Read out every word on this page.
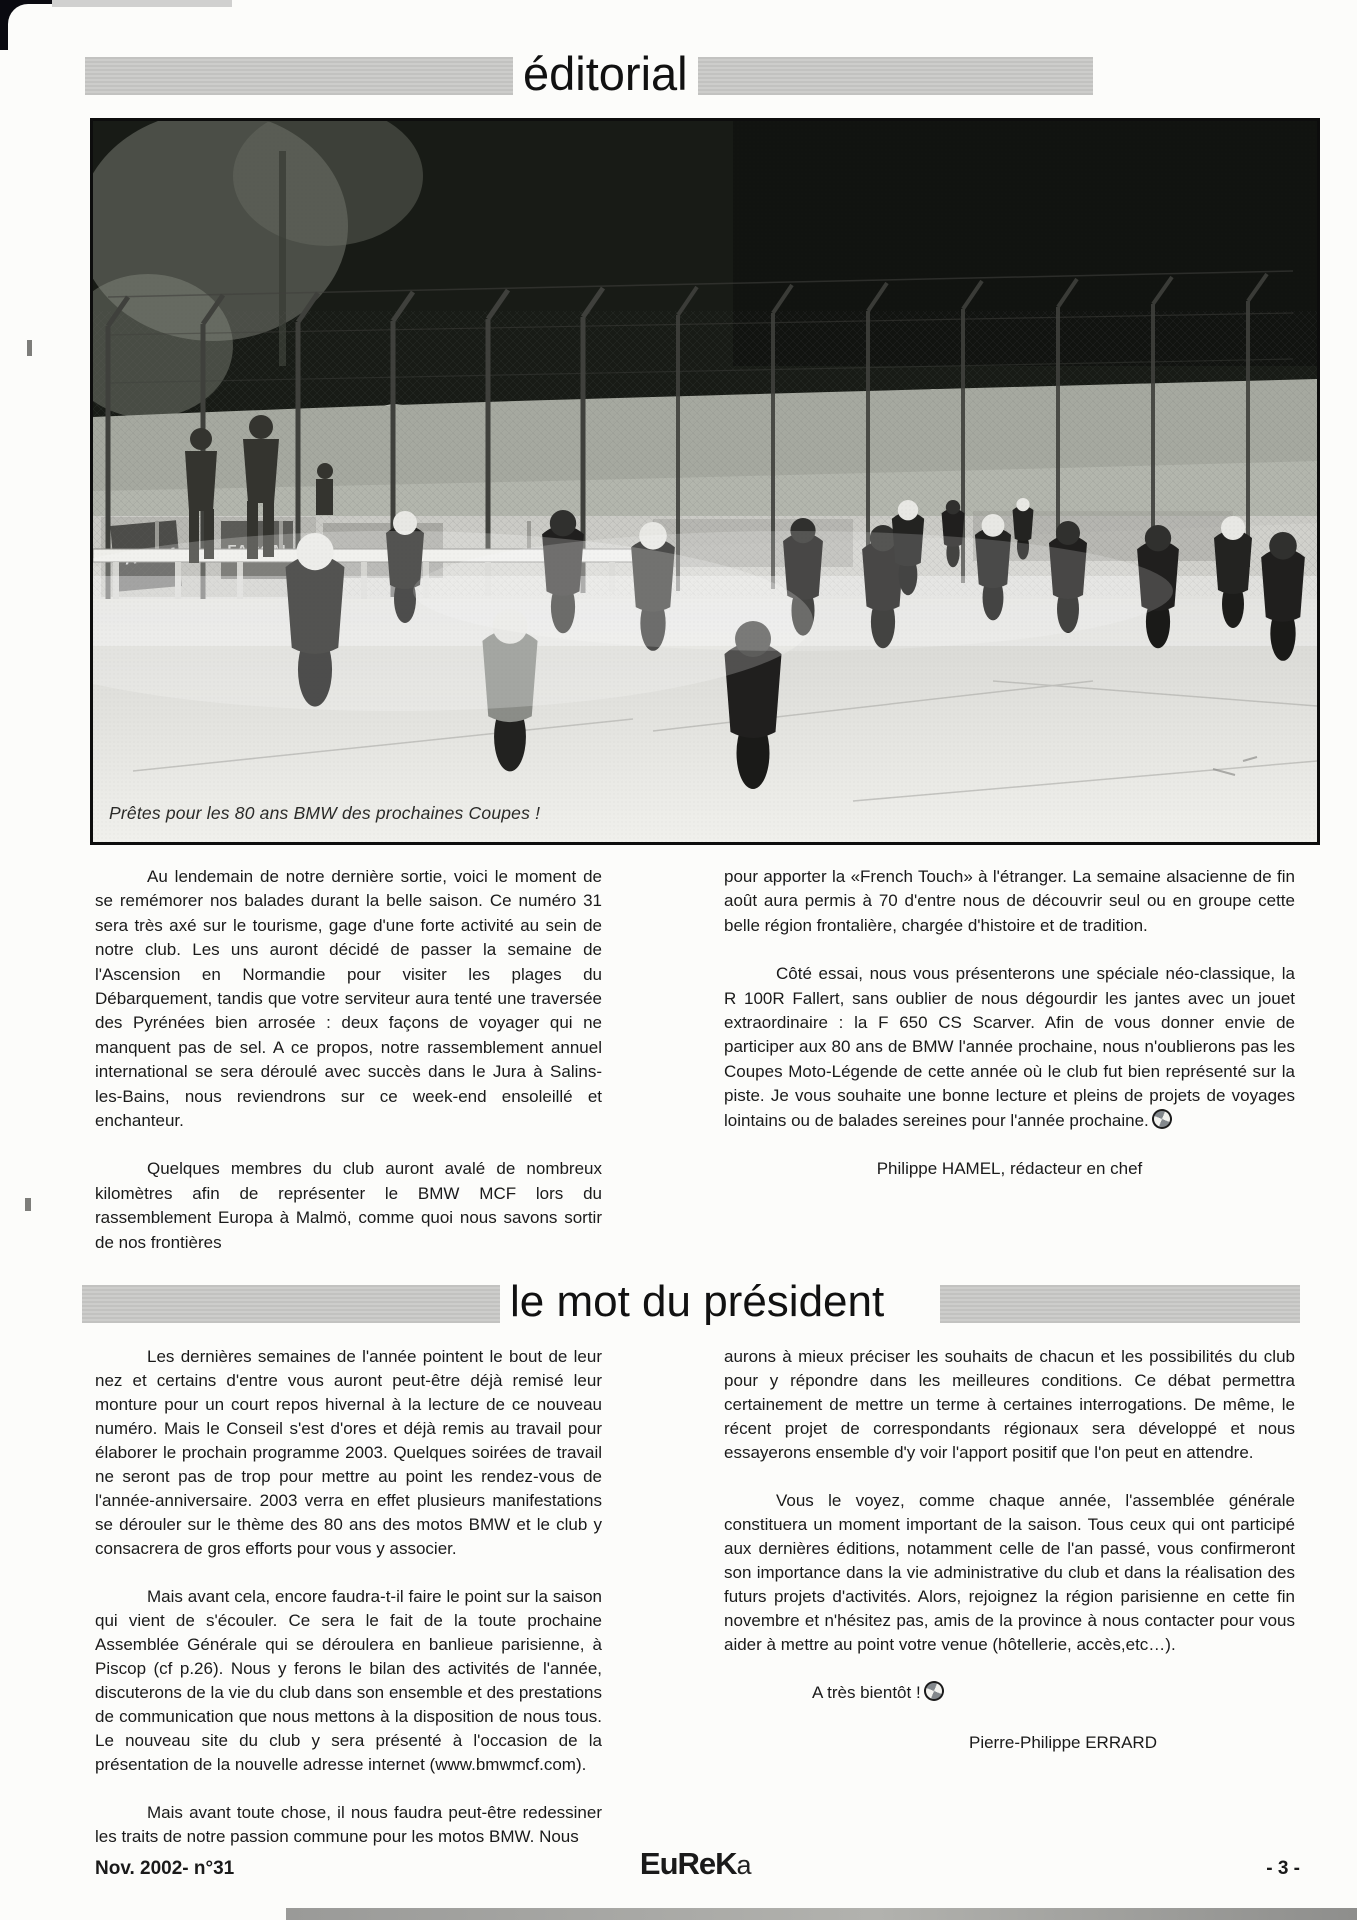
éditorial
Prêtes pour les 80 ans BMW des prochaines Coupes !

Au lendemain de notre dernière sortie, voici le moment de se remémorer nos balades durant la belle saison. Ce numéro 31 sera très axé sur le tourisme, gage d'une forte activité au sein de notre club. Les uns auront décidé de passer la semaine de l'Ascension en Normandie pour visiter les plages du Débarquement, tandis que votre serviteur aura tenté une traversée des Pyrénées bien arrosée : deux façons de voyager qui ne manquent pas de sel. A ce propos, notre rassemblement annuel international se sera déroulé avec succès dans le Jura à Salins-les-Bains, nous reviendrons sur ce week-end ensoleillé et enchanteur.

Quelques membres du club auront avalé de nombreux kilomètres afin de représenter le BMW MCF lors du rassemblement Europa à Malmö, comme quoi nous savons sortir de nos frontières

pour apporter la «French Touch» à l'étranger. La semaine alsacienne de fin août aura permis à 70 d'entre nous de découvrir seul ou en groupe cette belle région frontalière, chargée d'histoire et de tradition.

Côté essai, nous vous présenterons une spéciale néo-classique, la R 100R Fallert, sans oublier de nous dégourdir les jantes avec un jouet extraordinaire : la F 650 CS Scarver. Afin de vous donner envie de participer aux 80 ans de BMW l'année prochaine, nous n'oublierons pas les Coupes Moto-Légende de cette année où le club fut bien représenté sur la piste. Je vous souhaite une bonne lecture et pleins de projets de voyages lointains ou de balades sereines pour l'année prochaine.

Philippe HAMEL, rédacteur en chef

le mot du président

Les dernières semaines de l'année pointent le bout de leur nez et certains d'entre vous auront peut-être déjà remisé leur monture pour un court repos hivernal à la lecture de ce nouveau numéro. Mais le Conseil s'est d'ores et déjà remis au travail pour élaborer le prochain programme 2003. Quelques soirées de travail ne seront pas de trop pour mettre au point les rendez-vous de l'année-anniversaire. 2003 verra en effet plusieurs manifestations se dérouler sur le thème des 80 ans des motos BMW et le club y consacrera de gros efforts pour vous y associer.

Mais avant cela, encore faudra-t-il faire le point sur la saison qui vient de s'écouler. Ce sera le fait de la toute prochaine Assemblée Générale qui se déroulera en banlieue parisienne, à Piscop (cf p.26). Nous y ferons le bilan des activités de l'année, discuterons de la vie du club dans son ensemble et des prestations de communication que nous mettons à la disposition de nous tous. Le nouveau site du club y sera présenté à l'occasion de la présentation de la nouvelle adresse internet (www.bmwmcf.com).

Mais avant toute chose, il nous faudra peut-être redessiner les traits de notre passion commune pour les motos BMW. Nous

aurons à mieux préciser les souhaits de chacun et les possibilités du club pour y répondre dans les meilleures conditions. Ce débat permettra certainement de mettre un terme à certaines interrogations. De même, le récent projet de correspondants régionaux sera développé et nous essayerons ensemble d'y voir l'apport positif que l'on peut en attendre.

Vous le voyez, comme chaque année, l'assemblée générale constituera un moment important de la saison. Tous ceux qui ont participé aux dernières éditions, notamment celle de l'an passé, vous confirmeront son importance dans la vie administrative du club et dans la réalisation des futurs projets d'activités. Alors, rejoignez la région parisienne en cette fin novembre et n'hésitez pas, amis de la province à nous contacter pour vous aider à mettre au point votre venue (hôtellerie, accès,etc…).

A très bientôt !

Pierre-Philippe ERRARD

Nov. 2002- n°31	EuReKa	- 3 -
